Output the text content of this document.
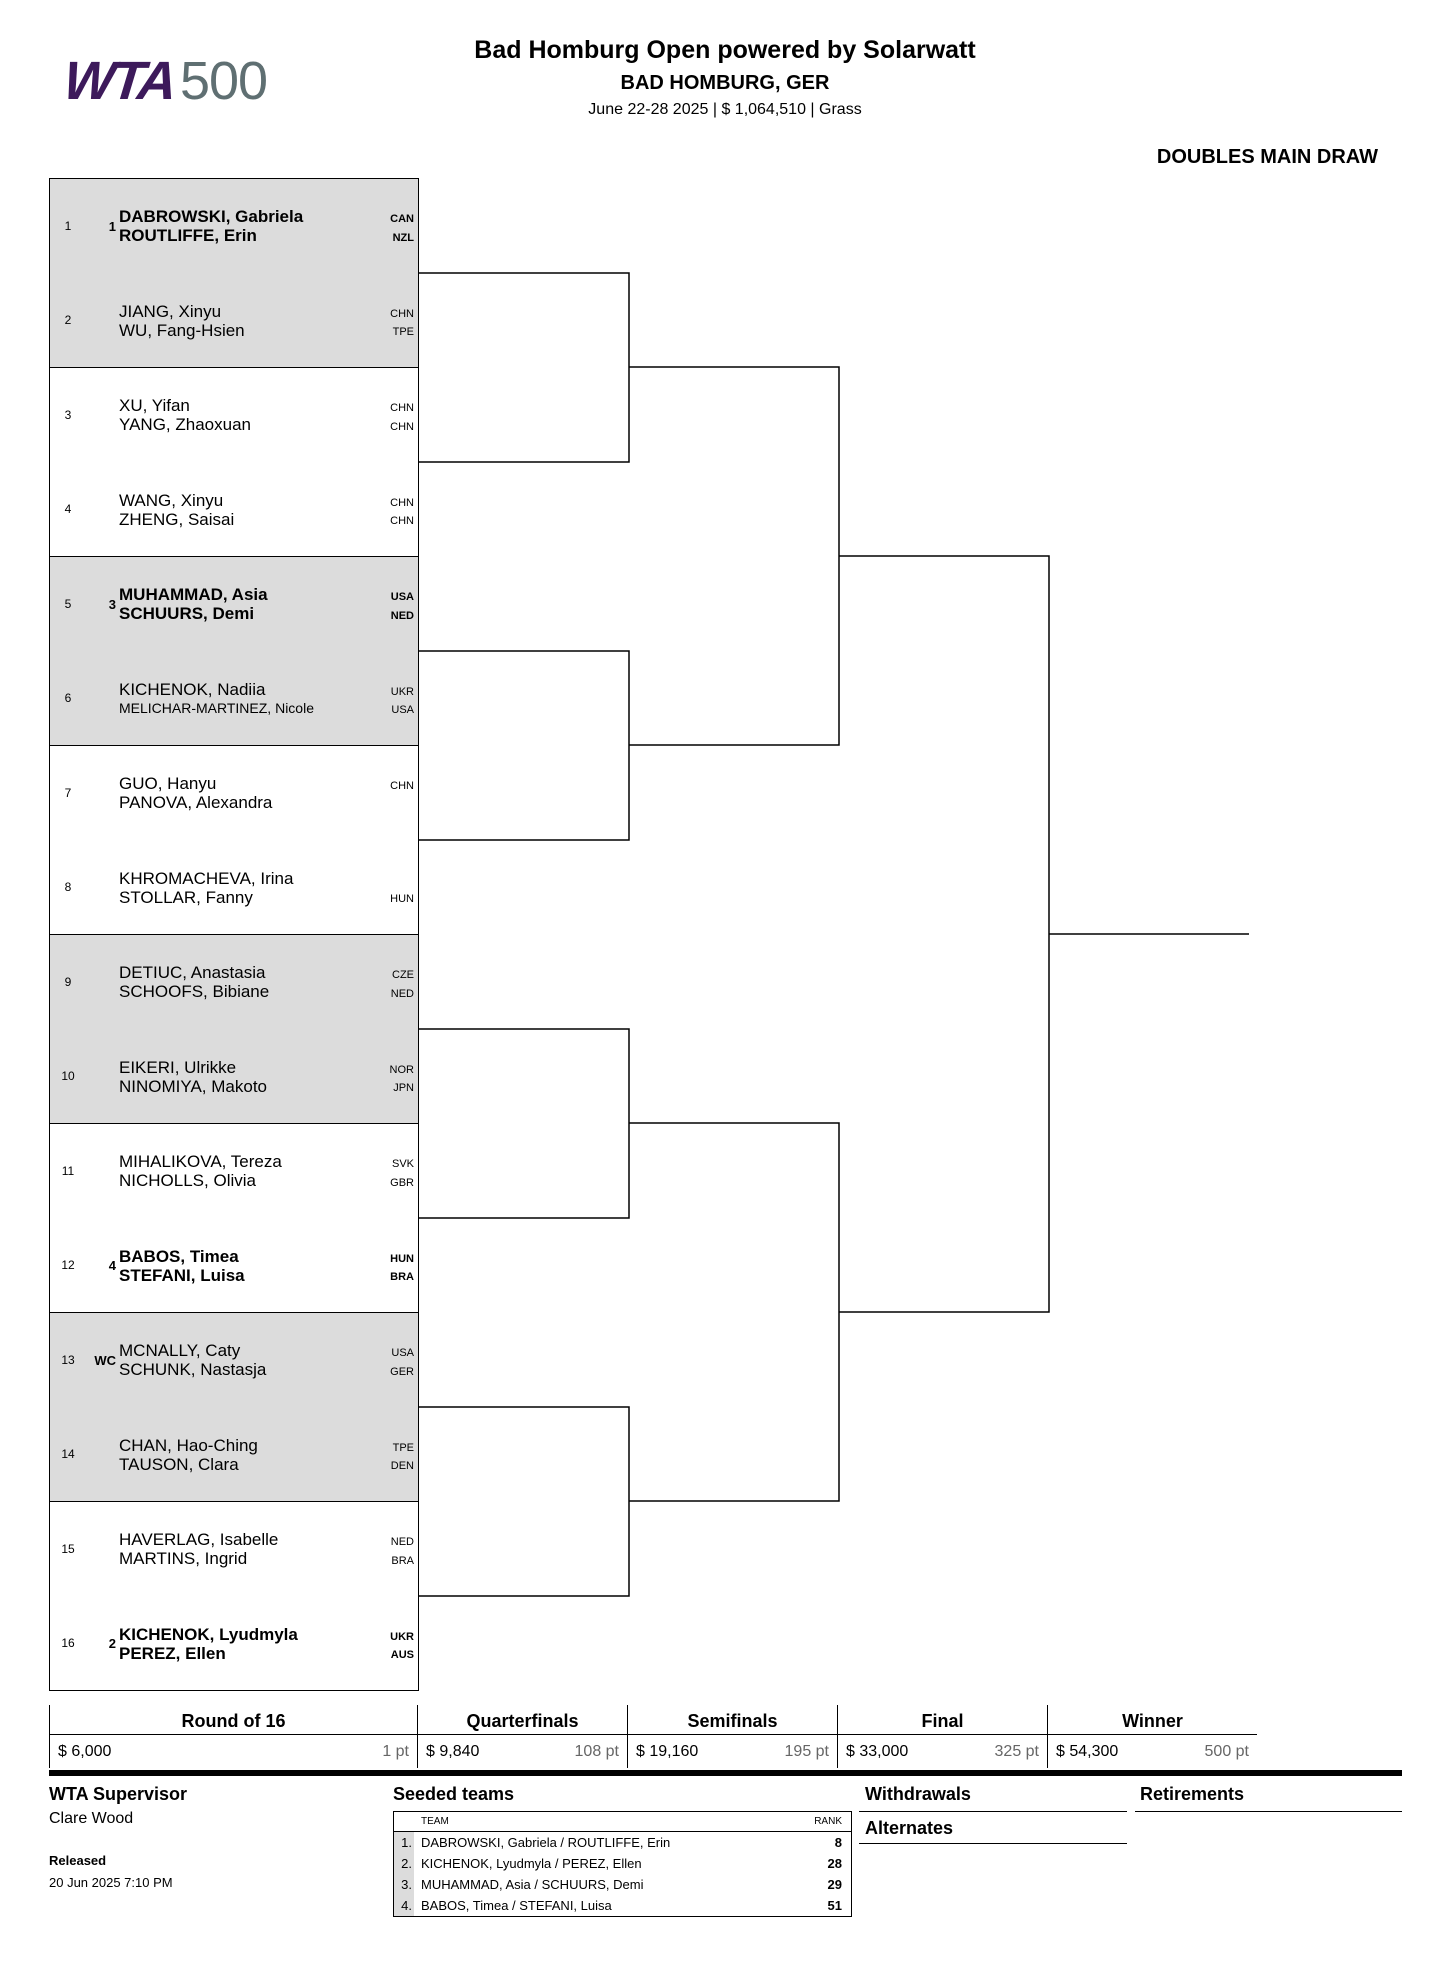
WTA 500
Bad Homburg Open powered by Solarwatt
BAD HOMBURG, GER
June 22-28 2025 | $ 1,064,510 | Grass
DOUBLES MAIN DRAW
1	1
DABROWSKI, Gabriela
ROUTLIFFE, Erin
CAN
NZL
2	JIANG, Xinyu
WU, Fang-Hsien
CHN
TPE
3
XU, Yifan
YANG, Zhaoxuan
CHN
CHN
4	WANG, Xinyu
ZHENG, Saisai
CHN
CHN
5	3
MUHAMMAD, Asia
SCHUURS, Demi
USA
NED
6	KICHENOK, Nadiia
MELICHAR-MARTINEZ, Nicole
UKR
USA
7
GUO, Hanyu
PANOVA, Alexandra
CHN

8	KHROMACHEVA, Irina
STOLLAR, Fanny
	HUN
9
DETIUC, Anastasia
SCHOOFS, Bibiane
CZE
NED
10	EIKERI, Ulrikke
NINOMIYA, Makoto
NOR
JPN
11
MIHALIKOVA, Tereza
NICHOLLS, Olivia
SVK
GBR
12	4 BABOS, Timea
STEFANI, Luisa
HUN
BRA
13	WC
MCNALLY, Caty
SCHUNK, Nastasja
USA
GER
14	CHAN, Hao-Ching
TAUSON, Clara
TPE
DEN
15
HAVERLAG, Isabelle
MARTINS, Ingrid
NED
BRA
16	2 KICHENOK, Lyudmyla
PEREZ, Ellen
UKR
AUS
Round of 16
$ 6,000	1 pt
Quarterfinals
$ 9,840	108 pt
Semifinals
$ 19,160	195 pt
Final
$ 33,000	325 pt
Winner
$ 54,300	500 pt
WTA Supervisor
Clare Wood
Released
20 Jun 2025 7:10 PM
Seeded teams
TEAM	RANK
1. DABROWSKI, Gabriela / ROUTLIFFE, Erin	8
2. KICHENOK, Lyudmyla / PEREZ, Ellen	28
3. MUHAMMAD, Asia / SCHUURS, Demi	29
4. BABOS, Timea / STEFANI, Luisa	51
Withdrawals
Alternates
Retirements
